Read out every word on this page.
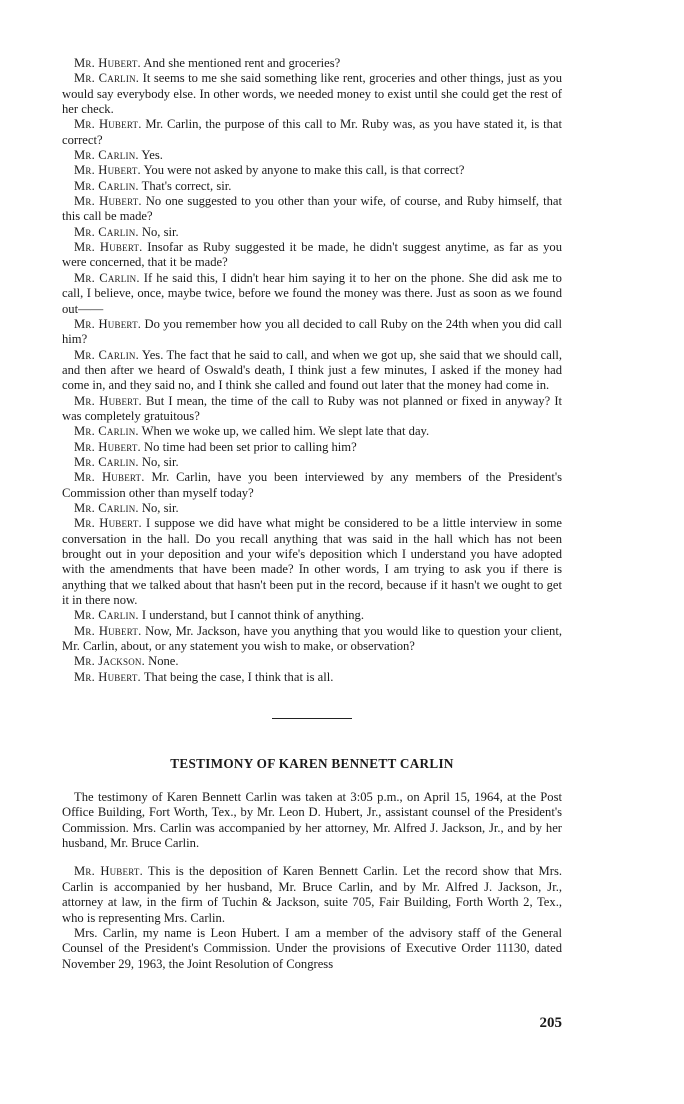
Mr. Hubert. And she mentioned rent and groceries?

Mr. Carlin. It seems to me she said something like rent, groceries and other things, just as you would say everybody else. In other words, we needed money to exist until she could get the rest of her check.

Mr. Hubert. Mr. Carlin, the purpose of this call to Mr. Ruby was, as you have stated it, is that correct?

Mr. Carlin. Yes.

Mr. Hubert. You were not asked by anyone to make this call, is that correct?

Mr. Carlin. That's correct, sir.

Mr. Hubert. No one suggested to you other than your wife, of course, and Ruby himself, that this call be made?

Mr. Carlin. No, sir.

Mr. Hubert. Insofar as Ruby suggested it be made, he didn't suggest anytime, as far as you were concerned, that it be made?

Mr. Carlin. If he said this, I didn't hear him saying it to her on the phone. She did ask me to call, I believe, once, maybe twice, before we found the money was there. Just as soon as we found out——

Mr. Hubert. Do you remember how you all decided to call Ruby on the 24th when you did call him?

Mr. Carlin. Yes. The fact that he said to call, and when we got up, she said that we should call, and then after we heard of Oswald's death, I think just a few minutes, I asked if the money had come in, and they said no, and I think she called and found out later that the money had come in.

Mr. Hubert. But I mean, the time of the call to Ruby was not planned or fixed in anyway? It was completely gratuitous?

Mr. Carlin. When we woke up, we called him. We slept late that day.

Mr. Hubert. No time had been set prior to calling him?

Mr. Carlin. No, sir.

Mr. Hubert. Mr. Carlin, have you been interviewed by any members of the President's Commission other than myself today?

Mr. Carlin. No, sir.

Mr. Hubert. I suppose we did have what might be considered to be a little interview in some conversation in the hall. Do you recall anything that was said in the hall which has not been brought out in your deposition and your wife's deposition which I understand you have adopted with the amendments that have been made? In other words, I am trying to ask you if there is anything that we talked about that hasn't been put in the record, because if it hasn't we ought to get it in there now.

Mr. Carlin. I understand, but I cannot think of anything.

Mr. Hubert. Now, Mr. Jackson, have you anything that you would like to question your client, Mr. Carlin, about, or any statement you wish to make, or observation?

Mr. Jackson. None.

Mr. Hubert. That being the case, I think that is all.

TESTIMONY OF KAREN BENNETT CARLIN

The testimony of Karen Bennett Carlin was taken at 3:05 p.m., on April 15, 1964, at the Post Office Building, Fort Worth, Tex., by Mr. Leon D. Hubert, Jr., assistant counsel of the President's Commission. Mrs. Carlin was accompanied by her attorney, Mr. Alfred J. Jackson, Jr., and by her husband, Mr. Bruce Carlin.

Mr. Hubert. This is the deposition of Karen Bennett Carlin. Let the record show that Mrs. Carlin is accompanied by her husband, Mr. Bruce Carlin, and by Mr. Alfred J. Jackson, Jr., attorney at law, in the firm of Tuchin & Jackson, suite 705, Fair Building, Forth Worth 2, Tex., who is representing Mrs. Carlin.

Mrs. Carlin, my name is Leon Hubert. I am a member of the advisory staff of the General Counsel of the President's Commission. Under the provisions of Executive Order 11130, dated November 29, 1963, the Joint Resolution of Congress

205
